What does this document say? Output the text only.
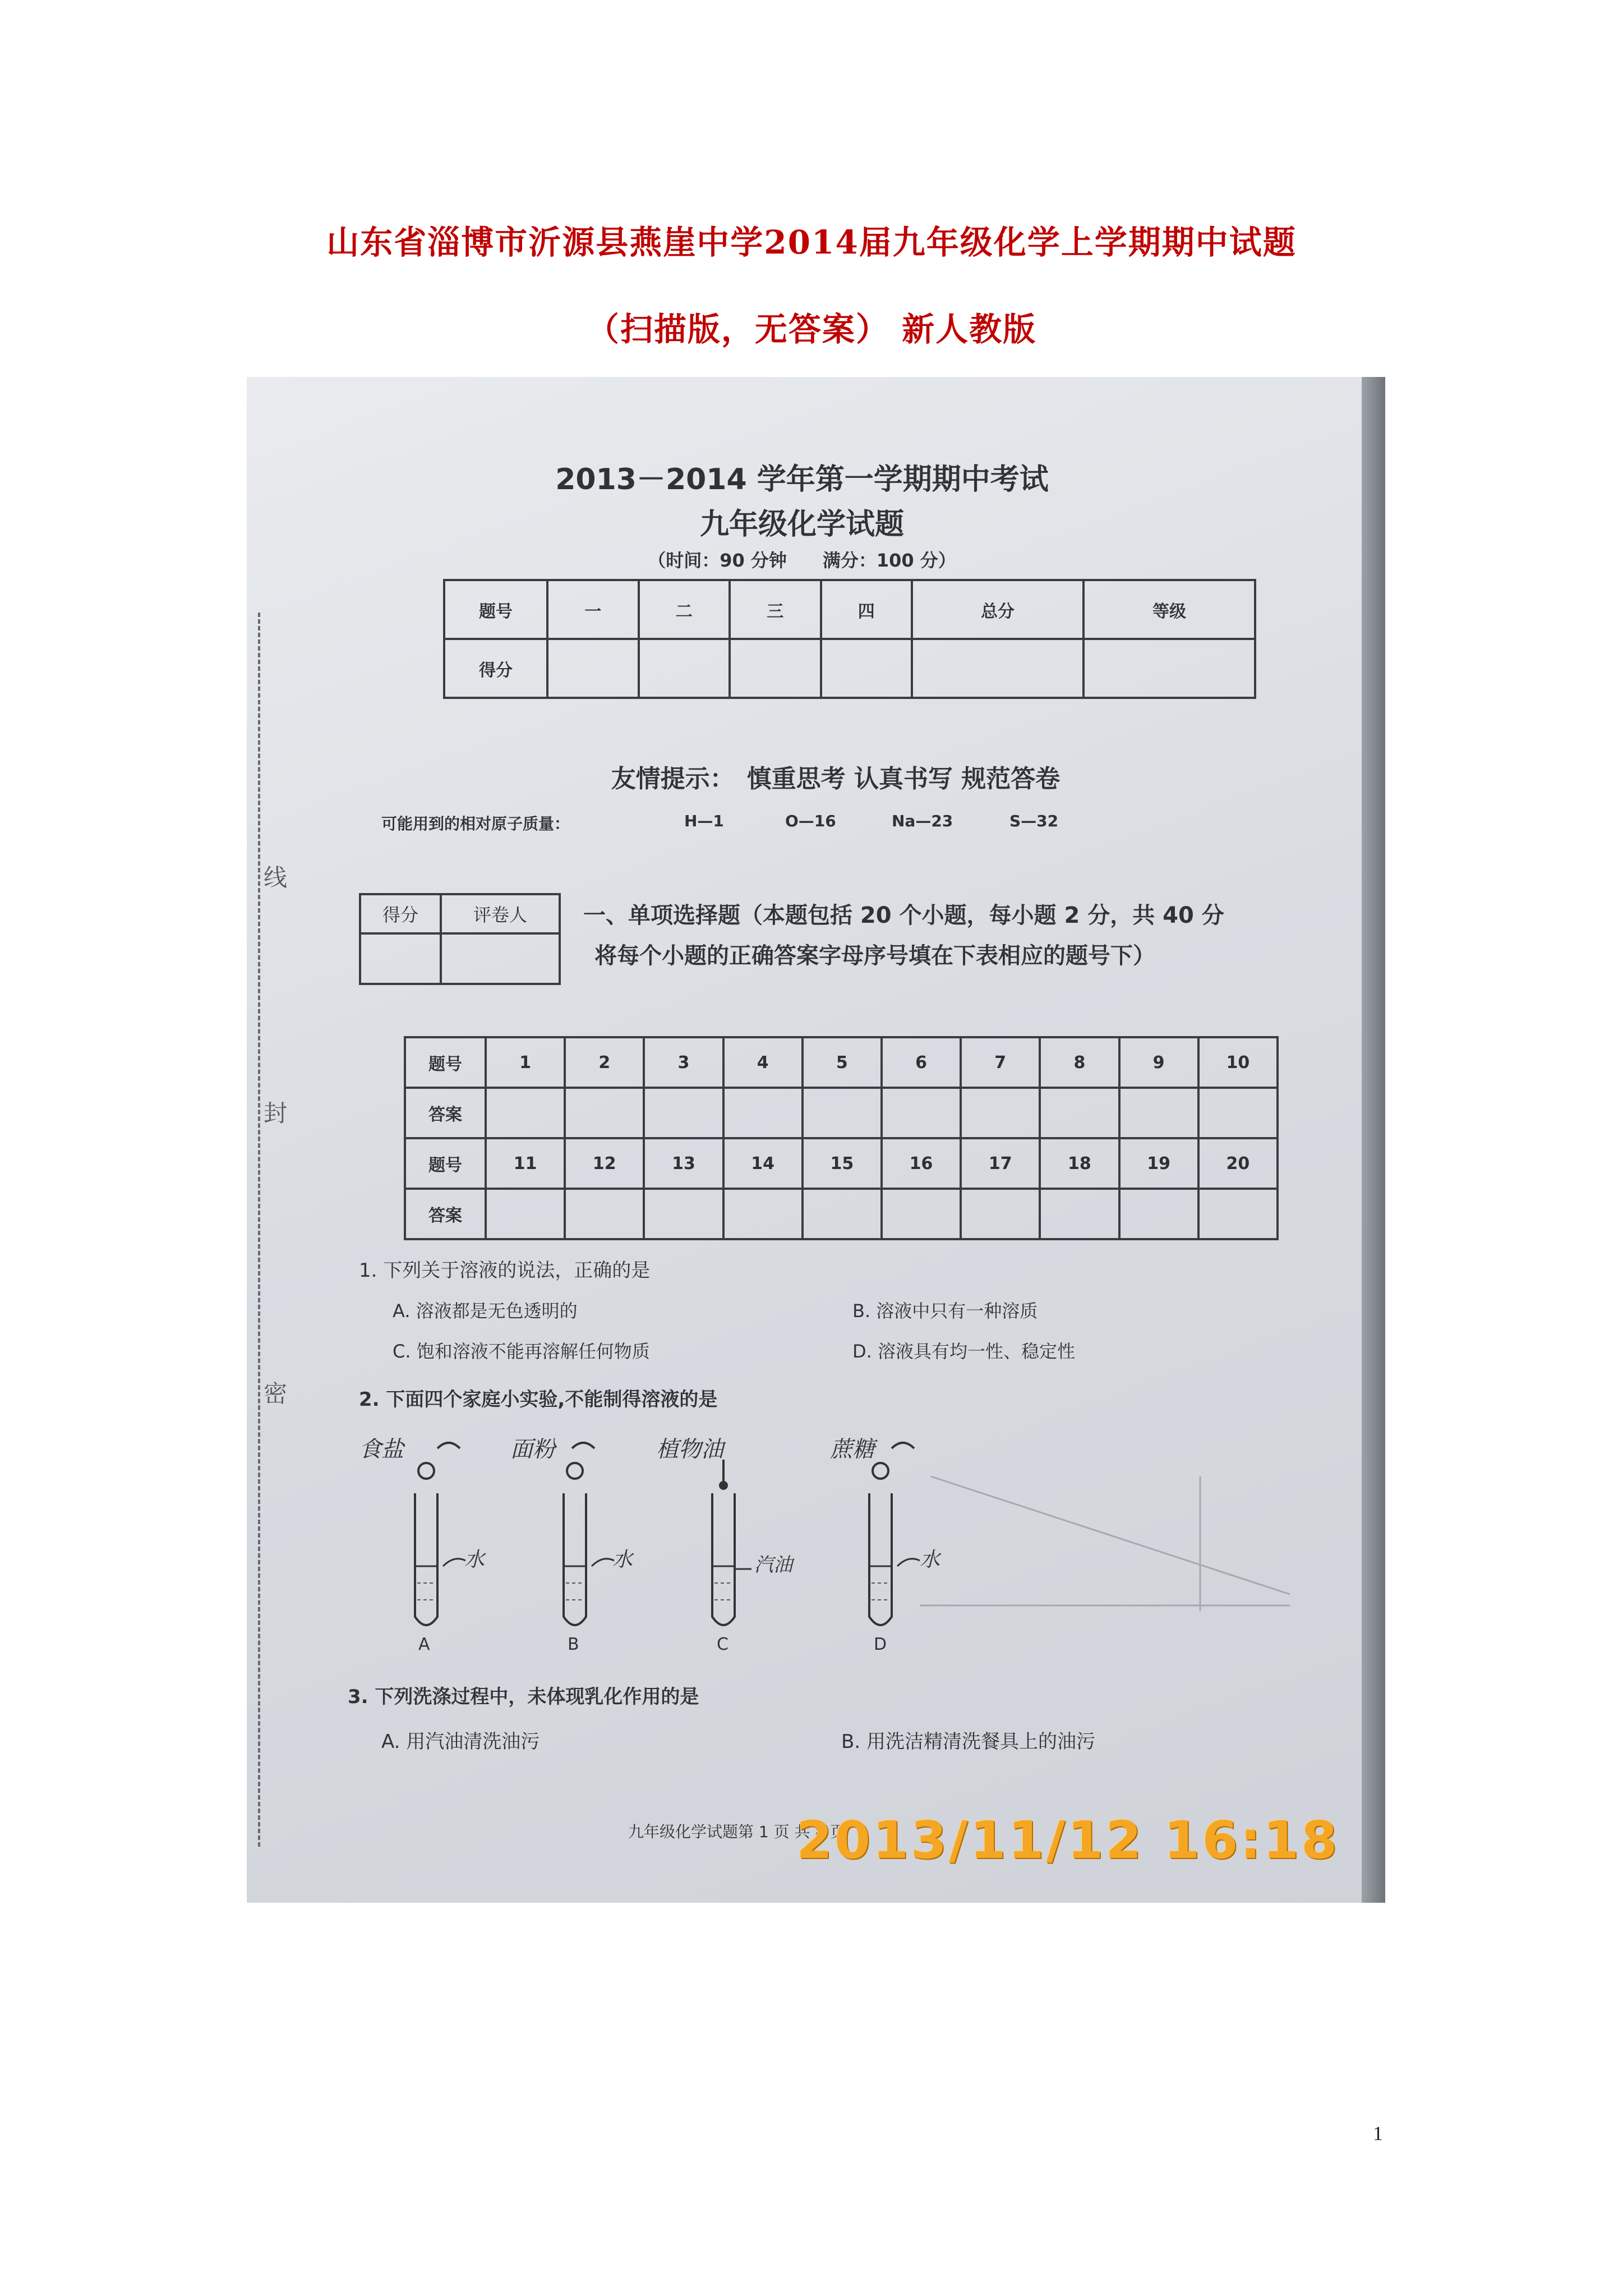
山东省淄博市沂源县燕崖中学2014届九年级化学上学期期中试题
（扫描版，无答案） 新人教版
线
封
密
2013－2014 学年第一学期期中考试
九年级化学试题
（时间：90 分钟　　满分：100 分）
题号	一	二	三	四	总分	等级
得分						
友情提示：　慎重思考 认真书写 规范答卷
可能用到的相对原子质量：	H—1	O—16	Na—23	S—32
得分	评卷人
	一、单项选择题（本题包括 20 个小题，每小题 2 分，共 40 分
将每个小题的正确答案字母序号填在下表相应的题号下）
题号	1	2	3	4	5	6	7	8	9	10
答案										
题号	11	12	13	14	15	16	17	18	19	20
答案										
1. 下列关于溶液的说法，正确的是
A. 溶液都是无色透明的	B. 溶液中只有一种溶质
C. 饱和溶液不能再溶解任何物质	D. 溶液具有均一性、稳定性
2. 下面四个家庭小实验,不能制得溶液的是
食盐
水
A
面粉
水
B
植物油
汽油
C
蔗糖
水
D
3. 下列洗涤过程中，未体现乳化作用的是
A. 用汽油清洗油污	B. 用洗洁精清洗餐具上的油污
九年级化学试题第 1 页 共 8 页
2013/11/12 16:18
1
